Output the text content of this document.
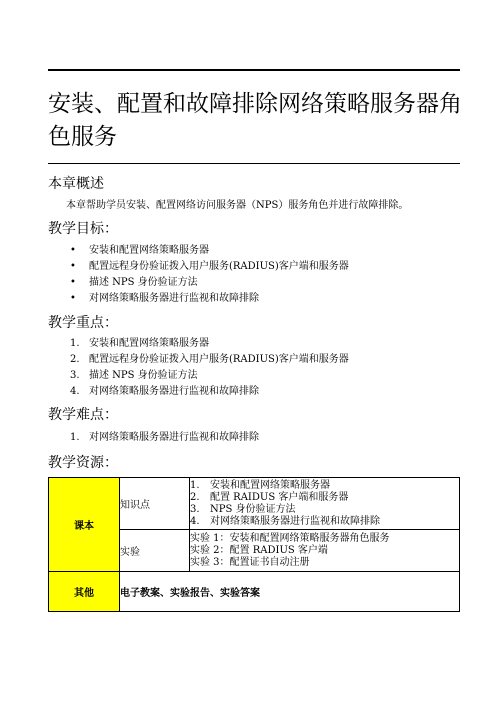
安装、配置和故障排除网络策略服务器角色服务
本章概述
本章帮助学员安装、配置网络访问服务器（NPS）服务角色并进行故障排除。
教学目标：
• 安装和配置网络策略服务器
• 配置远程身份验证拨入用户服务(RADIUS)客户端和服务器
• 描述 NPS 身份验证方法
• 对网络策略服务器进行监视和故障排除
教学重点：
1. 安装和配置网络策略服务器
2. 配置远程身份验证拨入用户服务(RADIUS)客户端和服务器
3. 描述 NPS 身份验证方法
4. 对网络策略服务器进行监视和故障排除
教学难点：
1. 对网络策略服务器进行监视和故障排除
教学资源：
课本	知识点	1. 安装和配置网络策略服务器
2. 配置 RAIDUS 客户端和服务器
3. NPS 身份验证方法
4. 对网络策略服务器进行监视和故障排除

	实验	实验 1：安装和配置网络策略服务器角色服务
实验 2：配置 RADIUS 客户端
实验 3：配置证书自动注册

其他	电子教案、实验报告、实验答案	
